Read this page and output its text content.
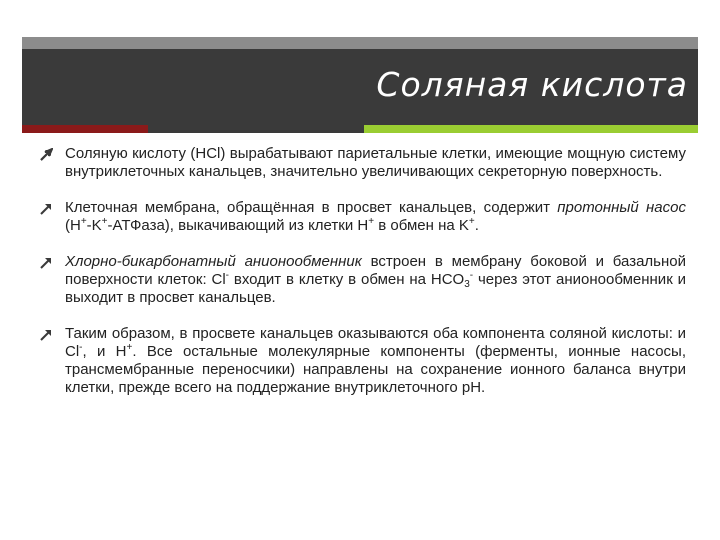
Соляная кислота
Соляную кислоту (HCl) вырабатывают париетальные клетки, имеющие мощную систему внутриклеточных канальцев, значительно увеличивающих секреторную поверхность.
Клеточная мембрана, обращённая в просвет канальцев, содержит протонный насос (H+-K+-АТФаза), выкачивающий из клетки H+ в обмен на K+.
Хлорно-бикарбонатный анионообменник встроен в мембрану боковой и базальной поверхности клеток: Cl- входит в клетку в обмен на $HCO_3^-$ через этот анионообменник и выходит в просвет канальцев.
Таким образом, в просвете канальцев оказываются оба компонента соляной кислоты: и Cl-, и H+. Все остальные молекулярные компоненты (ферменты, ионные насосы, трансмембранные переносчики) направлены на сохранение ионного баланса внутри клетки, прежде всего на поддержание внутриклеточного pH.
